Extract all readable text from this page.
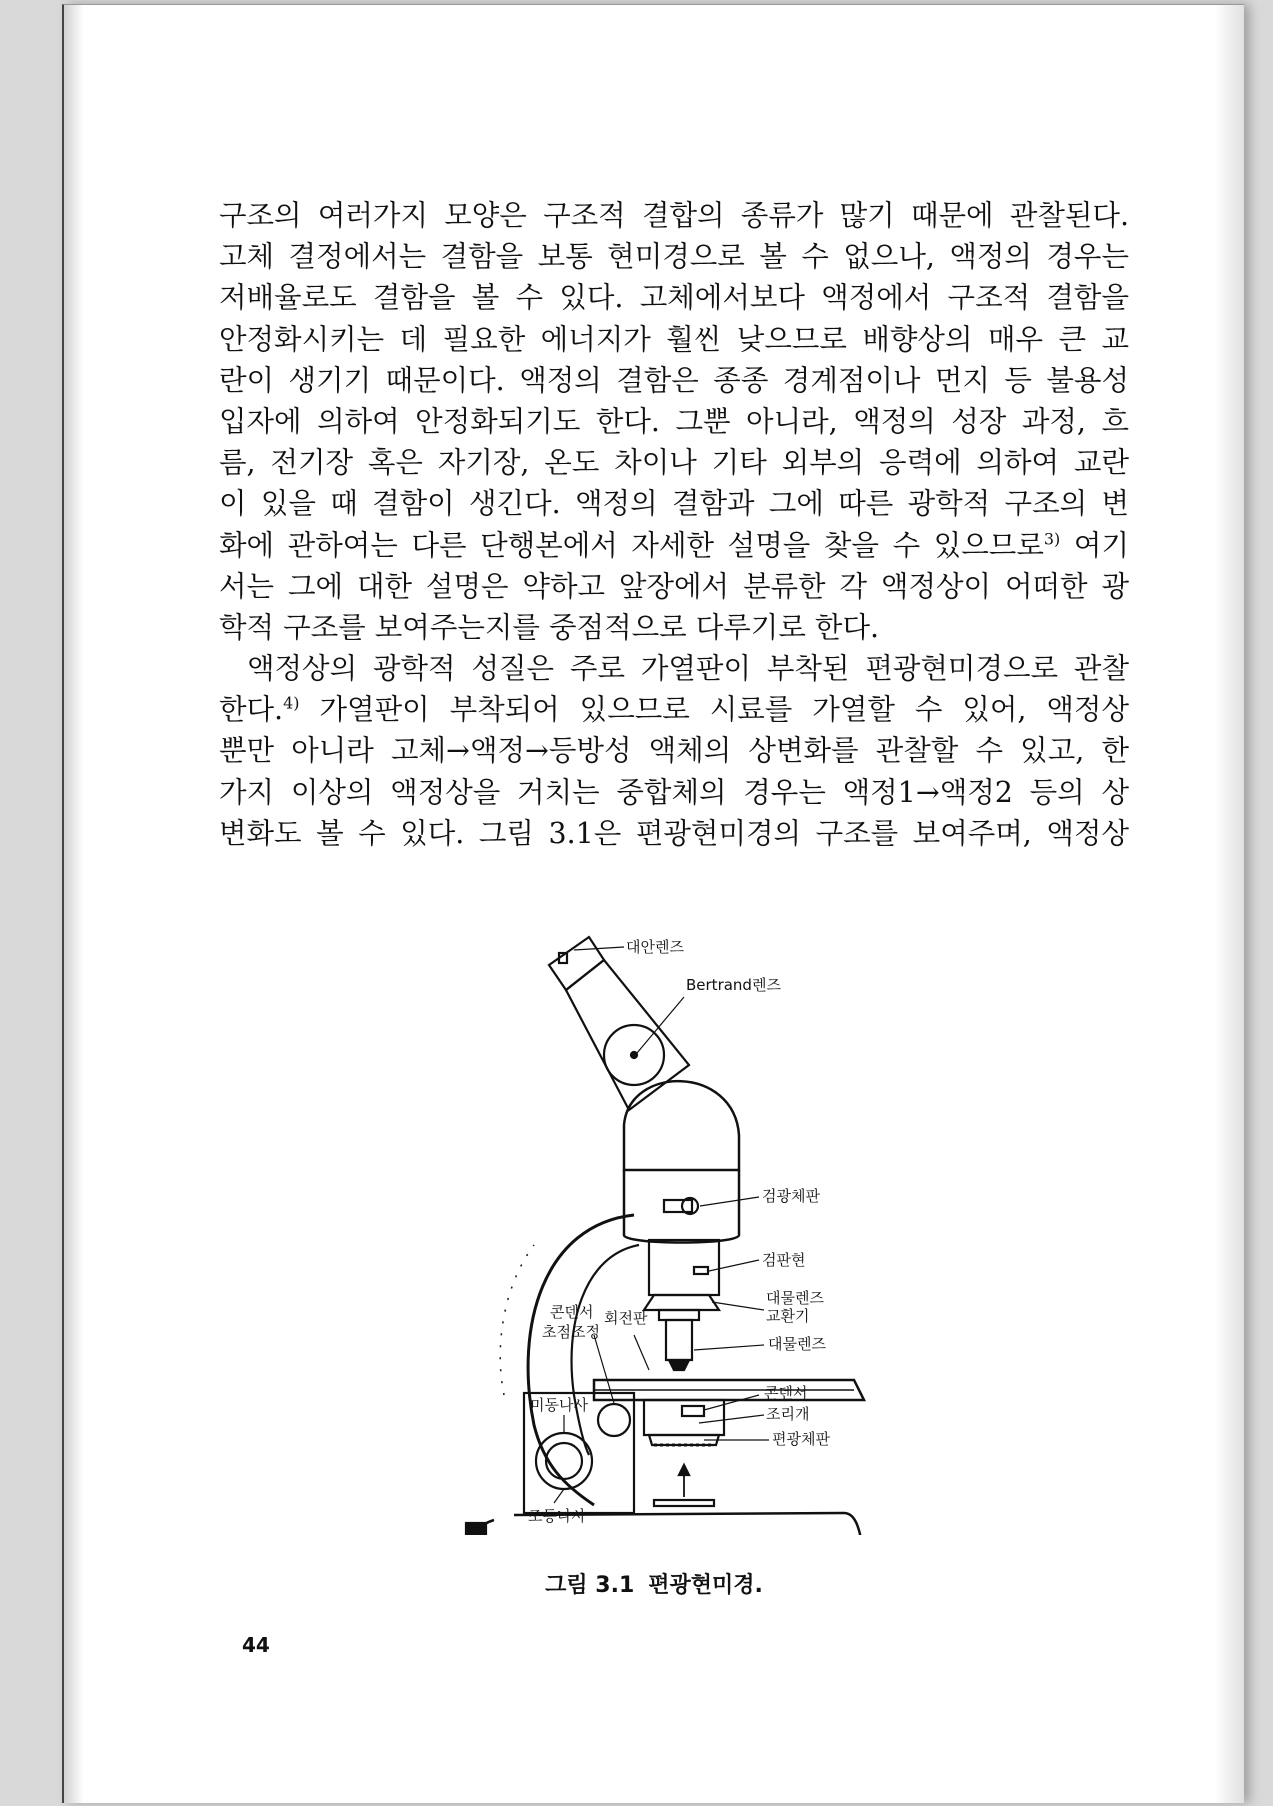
구조의 여러가지 모양은 구조적 결합의 종류가 많기 때문에 관찰된다.
고체 결정에서는 결함을 보통 현미경으로 볼 수 없으나, 액정의 경우는
저배율로도 결함을 볼 수 있다. 고체에서보다 액정에서 구조적 결함을
안정화시키는 데 필요한 에너지가 훨씬 낮으므로 배향상의 매우 큰 교
란이 생기기 때문이다. 액정의 결함은 종종 경계점이나 먼지 등 불용성
입자에 의하여 안정화되기도 한다. 그뿐 아니라, 액정의 성장 과정, 흐
름, 전기장 혹은 자기장, 온도 차이나 기타 외부의 응력에 의하여 교란
이 있을 때 결함이 생긴다. 액정의 결함과 그에 따른 광학적 구조의 변
화에 관하여는 다른 단행본에서 자세한 설명을 찾을 수 있으므로$^{3)}$ 여기
서는 그에 대한 설명은 약하고 앞장에서 분류한 각 액정상이 어떠한 광
학적 구조를 보여주는지를 중점적으로 다루기로 한다.
액정상의 광학적 성질은 주로 가열판이 부착된 편광현미경으로 관찰
한다.$^{4)}$ 가열판이 부착되어 있으므로 시료를 가열할 수 있어, 액정상
뿐만 아니라 고체→액정→등방성 액체의 상변화를 관찰할 수 있고, 한
가지 이상의 액정상을 거치는 중합체의 경우는 액정1→액정2 등의 상
변화도 볼 수 있다. 그림 3.1은 편광현미경의 구조를 보여주며, 액정상
미동나사
대안렌즈
Bertrand렌즈
검광체판
검판현
대물렌즈
교환기
콘덴서
초점조정
회전판
대물렌즈
콘덴서
조리개
편광체판
조동나사
그림 3.1 편광현미경.
44
